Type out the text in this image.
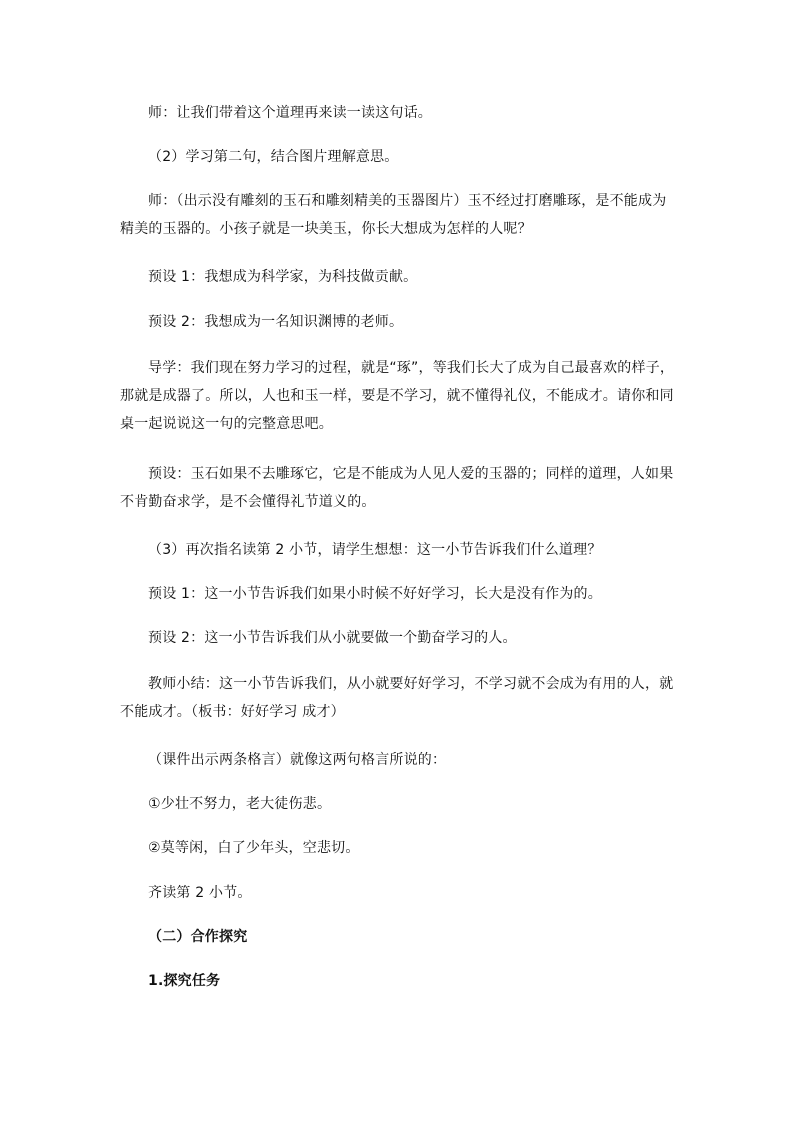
师：让我们带着这个道理再来读一读这句话。

（2）学习第二句，结合图片理解意思。

师：（出示没有雕刻的玉石和雕刻精美的玉器图片）玉不经过打磨雕琢，是不能成为精美的玉器的。小孩子就是一块美玉，你长大想成为怎样的人呢？

预设 1：我想成为科学家，为科技做贡献。

预设 2：我想成为一名知识渊博的老师。

导学：我们现在努力学习的过程，就是“琢”，等我们长大了成为自己最喜欢的样子，那就是成器了。所以，人也和玉一样，要是不学习，就不懂得礼仪，不能成才。请你和同桌一起说说这一句的完整意思吧。

预设：玉石如果不去雕琢它，它是不能成为人见人爱的玉器的；同样的道理，人如果不肯勤奋求学，是不会懂得礼节道义的。

（3）再次指名读第 2 小节，请学生想想：这一小节告诉我们什么道理？

预设 1：这一小节告诉我们如果小时候不好好学习，长大是没有作为的。

预设 2：这一小节告诉我们从小就要做一个勤奋学习的人。

教师小结：这一小节告诉我们，从小就要好好学习，不学习就不会成为有用的人，就不能成才。（板书：好好学习 成才）

（课件出示两条格言）就像这两句格言所说的：

①少壮不努力，老大徒伤悲。

②莫等闲，白了少年头，空悲切。

齐读第 2 小节。

（二）合作探究

1.探究任务
